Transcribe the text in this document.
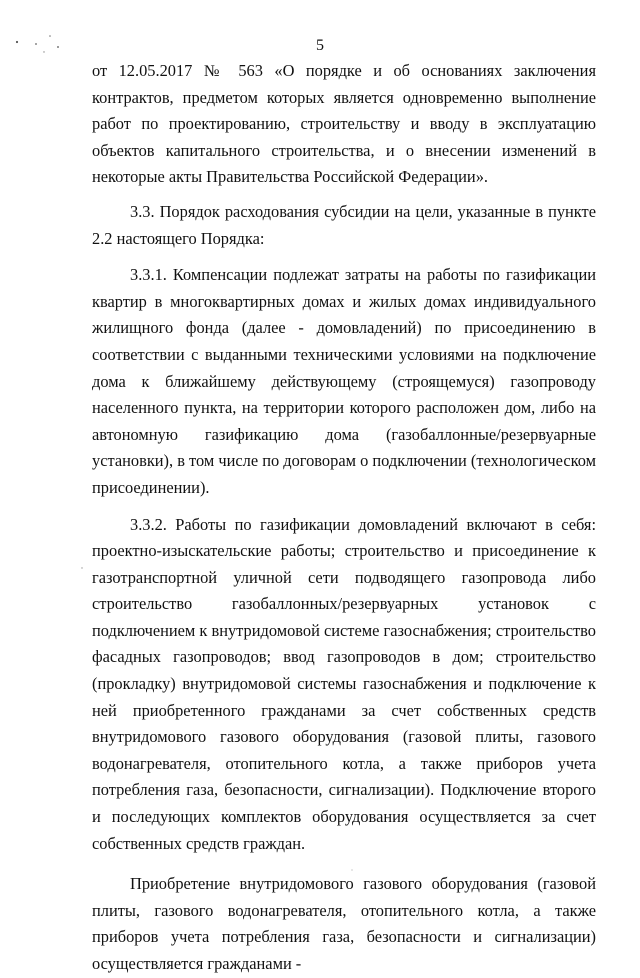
5

от 12.05.2017 № 563 «О порядке и об основаниях заключения контрактов, предметом которых является одновременно выполнение работ по проектированию, строительству и вводу в эксплуатацию объектов капитального строительства, и о внесении изменений в некоторые акты Правительства Российской Федерации».

3.3. Порядок расходования субсидии на цели, указанные в пункте 2.2 настоящего Порядка:

3.3.1. Компенсации подлежат затраты на работы по газификации квартир в многоквартирных домах и жилых домах индивидуального жилищного фонда (далее - домовладений) по присоединению в соответствии с выданными техническими условиями на подключение дома к ближайшему действующему (строящемуся) газопроводу населенного пункта, на территории которого расположен дом, либо на автономную газификацию дома (газобаллонные/резервуарные установки), в том числе по договорам о подключении (технологическом присоединении).

3.3.2. Работы по газификации домовладений включают в себя: проектно-изыскательские работы; строительство и присоединение к газотранспортной уличной сети подводящего газопровода либо строительство газобаллонных/резервуарных установок с подключением к внутридомовой системе газоснабжения; строительство фасадных газопроводов; ввод газопроводов в дом; строительство (прокладку) внутридомовой системы газоснабжения и подключение к ней приобретенного гражданами за счет собственных средств внутридомового газового оборудования (газовой плиты, газового водонагревателя, отопительного котла, а также приборов учета потребления газа, безопасности, сигнализации). Подключение второго и последующих комплектов оборудования осуществляется за счет собственных средств граждан.

Приобретение внутридомового газового оборудования (газовой плиты, газового водонагревателя, отопительного котла, а также приборов учета потребления газа, безопасности и сигнализации) осуществляется гражданами -
